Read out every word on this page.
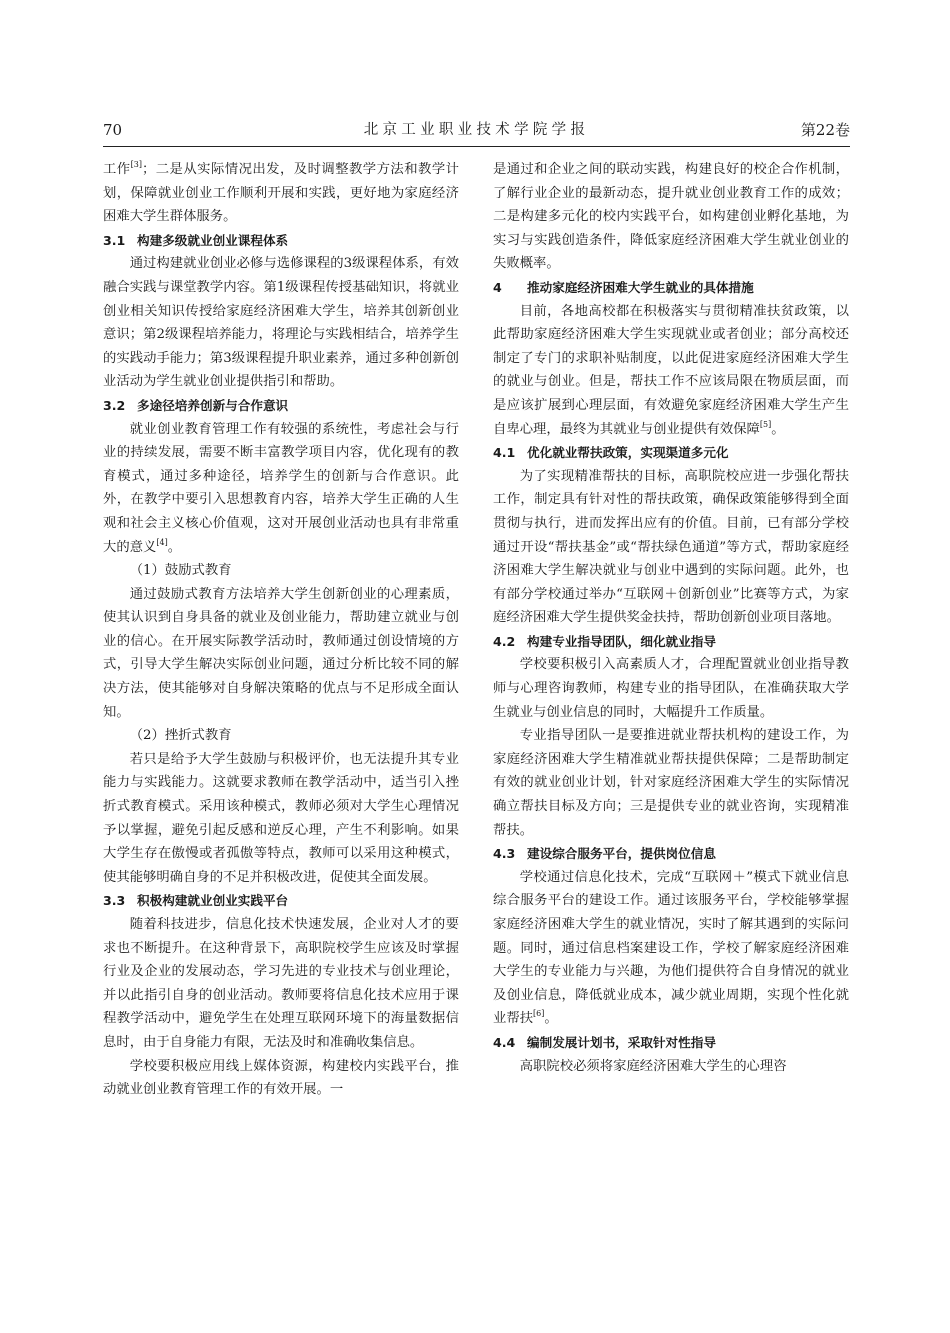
70	北京工业职业技术学院学报	第22卷

工作[3]；二是从实际情况出发，及时调整教学方法和教学计划，保障就业创业工作顺利开展和实践，更好地为家庭经济困难大学生群体服务。

3.1 构建多级就业创业课程体系

通过构建就业创业必修与选修课程的3级课程体系，有效融合实践与课堂教学内容。第1级课程传授基础知识，将就业创业相关知识传授给家庭经济困难大学生，培养其创新创业意识；第2级课程培养能力，将理论与实践相结合，培养学生的实践动手能力；第3级课程提升职业素养，通过多种创新创业活动为学生就业创业提供指引和帮助。

3.2 多途径培养创新与合作意识

就业创业教育管理工作有较强的系统性，考虑社会与行业的持续发展，需要不断丰富教学项目内容，优化现有的教育模式，通过多种途径，培养学生的创新与合作意识。此外，在教学中要引入思想教育内容，培养大学生正确的人生观和社会主义核心价值观，这对开展创业活动也具有非常重大的意义[4]。

（1）鼓励式教育

通过鼓励式教育方法培养大学生创新创业的心理素质，使其认识到自身具备的就业及创业能力，帮助建立就业与创业的信心。在开展实际教学活动时，教师通过创设情境的方式，引导大学生解决实际创业问题，通过分析比较不同的解决方法，使其能够对自身解决策略的优点与不足形成全面认知。

（2）挫折式教育

若只是给予大学生鼓励与积极评价，也无法提升其专业能力与实践能力。这就要求教师在教学活动中，适当引入挫折式教育模式。采用该种模式，教师必须对大学生心理情况予以掌握，避免引起反感和逆反心理，产生不利影响。如果大学生存在傲慢或者孤傲等特点，教师可以采用这种模式，使其能够明确自身的不足并积极改进，促使其全面发展。

3.3 积极构建就业创业实践平台

随着科技进步，信息化技术快速发展，企业对人才的要求也不断提升。在这种背景下，高职院校学生应该及时掌握行业及企业的发展动态，学习先进的专业技术与创业理论，并以此指引自身的创业活动。教师要将信息化技术应用于课程教学活动中，避免学生在处理互联网环境下的海量数据信息时，由于自身能力有限，无法及时和准确收集信息。

学校要积极应用线上媒体资源，构建校内实践平台，推动就业创业教育管理工作的有效开展。一

是通过和企业之间的联动实践，构建良好的校企合作机制，了解行业企业的最新动态，提升就业创业教育工作的成效；二是构建多元化的校内实践平台，如构建创业孵化基地，为实习与实践创造条件，降低家庭经济困难大学生就业创业的失败概率。

4 推动家庭经济困难大学生就业的具体措施

目前，各地高校都在积极落实与贯彻精准扶贫政策，以此帮助家庭经济困难大学生实现就业或者创业；部分高校还制定了专门的求职补贴制度，以此促进家庭经济困难大学生的就业与创业。但是，帮扶工作不应该局限在物质层面，而是应该扩展到心理层面，有效避免家庭经济困难大学生产生自卑心理，最终为其就业与创业提供有效保障[5]。

4.1 优化就业帮扶政策，实现渠道多元化

为了实现精准帮扶的目标，高职院校应进一步强化帮扶工作，制定具有针对性的帮扶政策，确保政策能够得到全面贯彻与执行，进而发挥出应有的价值。目前，已有部分学校通过开设“帮扶基金”或“帮扶绿色通道”等方式，帮助家庭经济困难大学生解决就业与创业中遇到的实际问题。此外，也有部分学校通过举办“互联网＋创新创业”比赛等方式，为家庭经济困难大学生提供奖金扶持，帮助创新创业项目落地。

4.2 构建专业指导团队，细化就业指导

学校要积极引入高素质人才，合理配置就业创业指导教师与心理咨询教师，构建专业的指导团队，在准确获取大学生就业与创业信息的同时，大幅提升工作质量。

专业指导团队一是要推进就业帮扶机构的建设工作，为家庭经济困难大学生精准就业帮扶提供保障；二是帮助制定有效的就业创业计划，针对家庭经济困难大学生的实际情况确立帮扶目标及方向；三是提供专业的就业咨询，实现精准帮扶。

4.3 建设综合服务平台，提供岗位信息

学校通过信息化技术，完成“互联网＋”模式下就业信息综合服务平台的建设工作。通过该服务平台，学校能够掌握家庭经济困难大学生的就业情况，实时了解其遇到的实际问题。同时，通过信息档案建设工作，学校了解家庭经济困难大学生的专业能力与兴趣，为他们提供符合自身情况的就业及创业信息，降低就业成本，减少就业周期，实现个性化就业帮扶[6]。

4.4 编制发展计划书，采取针对性指导

高职院校必须将家庭经济困难大学生的心理咨
